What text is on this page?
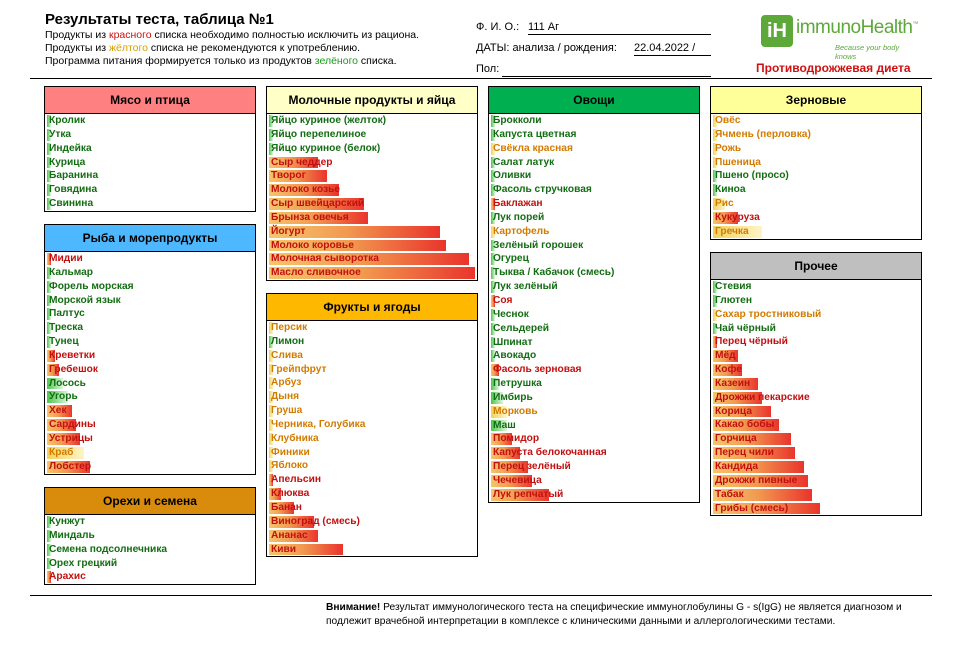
Результаты теста, таблица №1
Продукты из красного списка необходимо полностью исключить из рациона.
Продукты из жёлтого списка не рекомендуются к употреблению.
Программа питания формируется только из продуктов зелёного списка.
Ф. И. О.: 111 Аг
ДАТЫ: анализа / рождения: 22.04.2022 /
Пол:
iH immunoHealth™
Because your body knows
Противодрожжевая диета
Мясо и птица
Кролик
Утка
Индейка
Курица
Баранина
Говядина
Свинина
Рыба и морепродукты
Мидии
Кальмар
Форель морская
Морской язык
Палтус
Треска
Тунец
Креветки
Гребешок
Лосось
Угорь
Хек
Сардины
Устрицы
Краб
Лобстер
Орехи и семена
Кунжут
Миндаль
Семена подсолнечника
Орех грецкий
Арахис
Молочные продукты и яйца
Яйцо куриное (желток)
Яйцо перепелиное
Яйцо куриное (белок)
Сыр чеддер
Творог
Молоко козье
Сыр швейцарский
Брынза овечья
Йогурт
Молоко коровье
Молочная сыворотка
Масло сливочное
Фрукты и ягоды
Персик
Лимон
Слива
Грейпфрут
Арбуз
Дыня
Груша
Черника, Голубика
Клубника
Финики
Яблоко
Апельсин
Клюква
Банан
Виноград (смесь)
Ананас
Киви
Овощи
Брокколи
Капуста цветная
Свёкла красная
Салат латук
Оливки
Фасоль стручковая
Баклажан
Лук порей
Картофель
Зелёный горошек
Огурец
Тыква / Кабачок (смесь)
Лук зелёный
Соя
Чеснок
Сельдерей
Шпинат
Авокадо
Фасоль зерновая
Петрушка
Имбирь
Морковь
Маш
Помидор
Капуста белокочанная
Перец зелёный
Чечевица
Лук репчатый
Зерновые
Овёс
Ячмень (перловка)
Рожь
Пшеница
Пшено (просо)
Киноа
Рис
Кукуруза
Гречка
Прочее
Стевия
Глютен
Сахар тростниковый
Чай чёрный
Перец чёрный
Мёд
Кофе
Казеин
Дрожжи пекарские
Корица
Какао бобы
Горчица
Перец чили
Кандида
Дрожжи пивные
Табак
Грибы (смесь)
Внимание! Результат иммунологического теста на специфические иммуноглобулины G - s(IgG) не является диагнозом и подлежит врачебной интерпретации в комплексе с клиническими данными и аллергологическими тестами.
